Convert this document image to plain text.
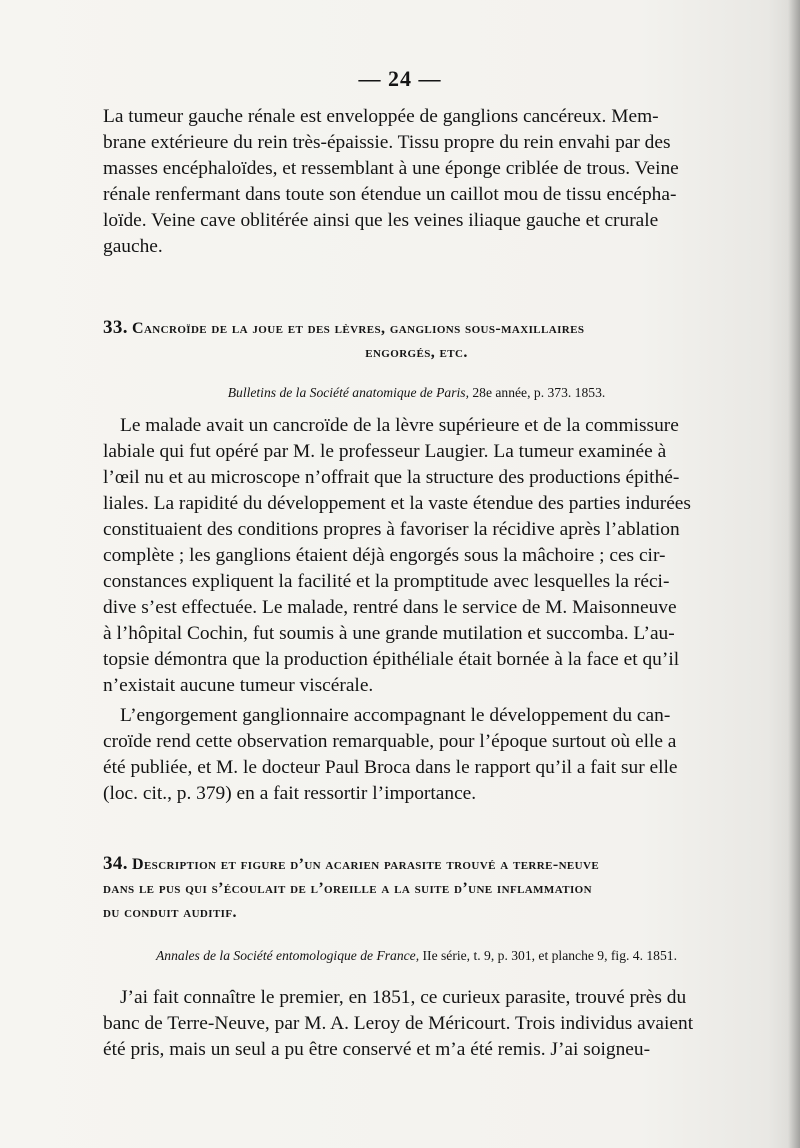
— 24 —

La tumeur gauche rénale est enveloppée de ganglions cancéreux. Mem-

brane extérieure du rein très-épaissie. Tissu propre du rein envahi par des

masses encéphaloïdes, et ressemblant à une éponge criblée de trous. Veine

rénale renfermant dans toute son étendue un caillot mou de tissu encépha-

loïde. Veine cave oblitérée ainsi que les veines iliaque gauche et crurale

gauche.

33. Cancroïde de la joue et des lèvres, ganglions sous-maxillaires

engorgés, etc.

Bulletins de la Société anatomique de Paris, 28e année, p. 373. 1853.

Le malade avait un cancroïde de la lèvre supérieure et de la commissure

labiale qui fut opéré par M. le professeur Laugier. La tumeur examinée à

l’œil nu et au microscope n’offrait que la structure des productions épithé-

liales. La rapidité du développement et la vaste étendue des parties indurées

constituaient des conditions propres à favoriser la récidive après l’ablation

complète ; les ganglions étaient déjà engorgés sous la mâchoire ; ces cir-

constances expliquent la facilité et la promptitude avec lesquelles la réci-

dive s’est effectuée. Le malade, rentré dans le service de M. Maisonneuve

à l’hôpital Cochin, fut soumis à une grande mutilation et succomba. L’au-

topsie démontra que la production épithéliale était bornée à la face et qu’il

n’existait aucune tumeur viscérale.

L’engorgement ganglionnaire accompagnant le développement du can-

croïde rend cette observation remarquable, pour l’époque surtout où elle a

été publiée, et M. le docteur Paul Broca dans le rapport qu’il a fait sur elle

(loc. cit., p. 379) en a fait ressortir l’importance.

34. Description et figure d’un acarien parasite trouvé a terre-neuve

dans le pus qui s’écoulait de l’oreille a la suite d’une inflammation

du conduit auditif.

Annales de la Société entomologique de France, IIe série, t. 9, p. 301, et planche 9, fig. 4. 1851.

J’ai fait connaître le premier, en 1851, ce curieux parasite, trouvé près du

banc de Terre-Neuve, par M. A. Leroy de Méricourt. Trois individus avaient

été pris, mais un seul a pu être conservé et m’a été remis. J’ai soigneu-
